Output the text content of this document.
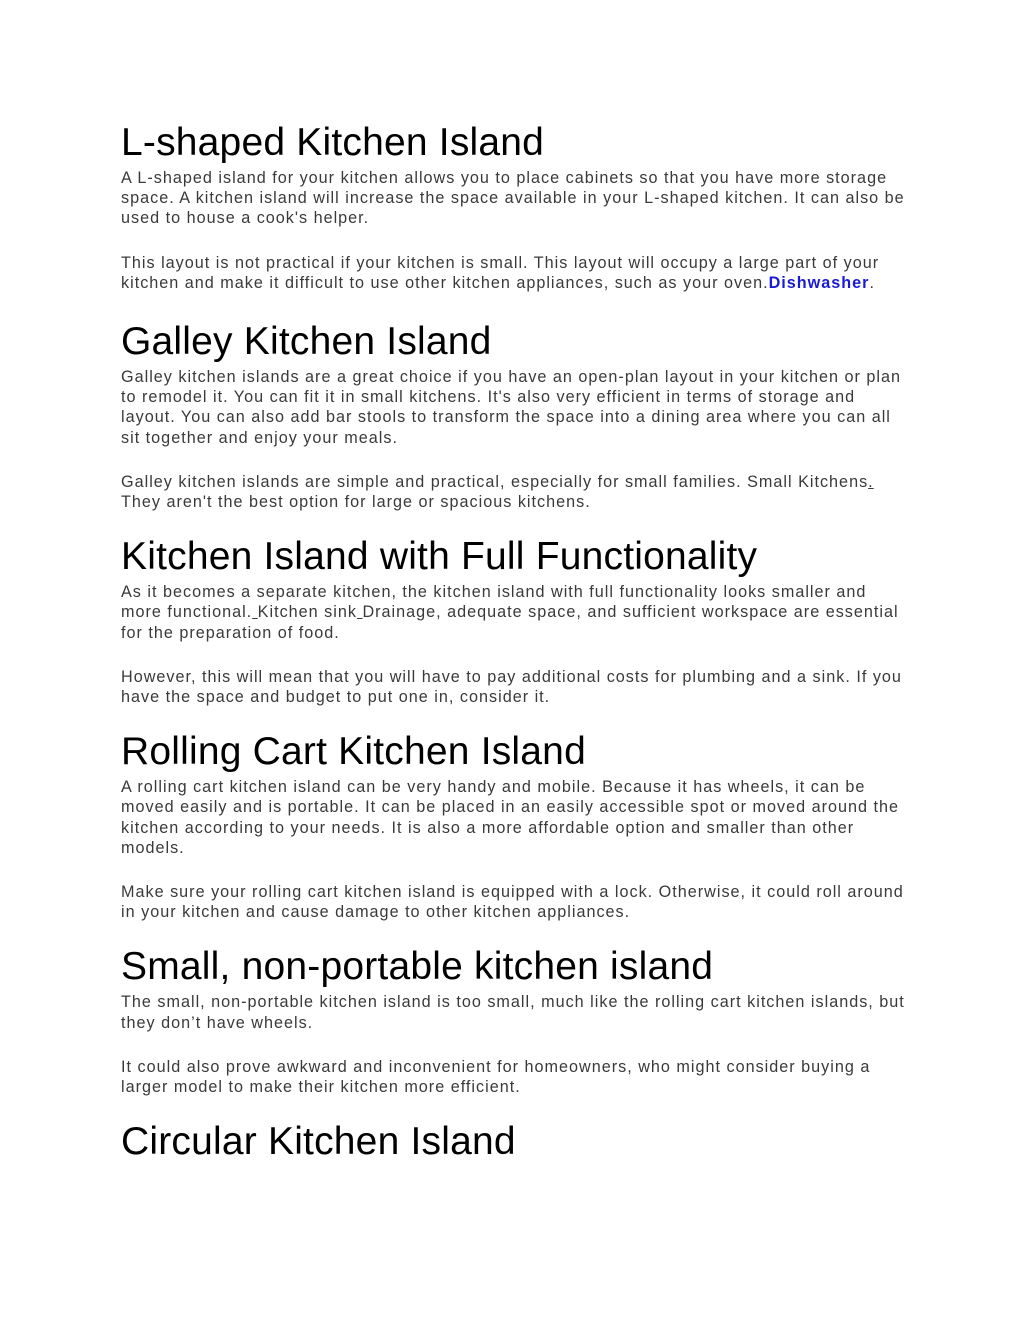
L-shaped Kitchen Island

A L-shaped island for your kitchen allows you to place cabinets so that you have more storage space. A kitchen island will increase the space available in your L-shaped kitchen. It can also be used to house a cook's helper.

This layout is not practical if your kitchen is small. This layout will occupy a large part of your kitchen and make it difficult to use other kitchen appliances, such as your oven.Dishwasher.

Galley Kitchen Island

Galley kitchen islands are a great choice if you have an open-plan layout in your kitchen or plan to remodel it. You can fit it in small kitchens. It's also very efficient in terms of storage and layout. You can also add bar stools to transform the space into a dining area where you can all sit together and enjoy your meals.

Galley kitchen islands are simple and practical, especially for small families. Small Kitchens. They aren't the best option for large or spacious kitchens.

Kitchen Island with Full Functionality

As it becomes a separate kitchen, the kitchen island with full functionality looks smaller and more functional. Kitchen sink Drainage, adequate space, and sufficient workspace are essential for the preparation of food.

However, this will mean that you will have to pay additional costs for plumbing and a sink. If you have the space and budget to put one in, consider it.

Rolling Cart Kitchen Island

A rolling cart kitchen island can be very handy and mobile. Because it has wheels, it can be moved easily and is portable. It can be placed in an easily accessible spot or moved around the kitchen according to your needs. It is also a more affordable option and smaller than other models.

Make sure your rolling cart kitchen island is equipped with a lock. Otherwise, it could roll around in your kitchen and cause damage to other kitchen appliances.

Small, non-portable kitchen island

The small, non-portable kitchen island is too small, much like the rolling cart kitchen islands, but they don’t have wheels.

It could also prove awkward and inconvenient for homeowners, who might consider buying a larger model to make their kitchen more efficient.

Circular Kitchen Island
